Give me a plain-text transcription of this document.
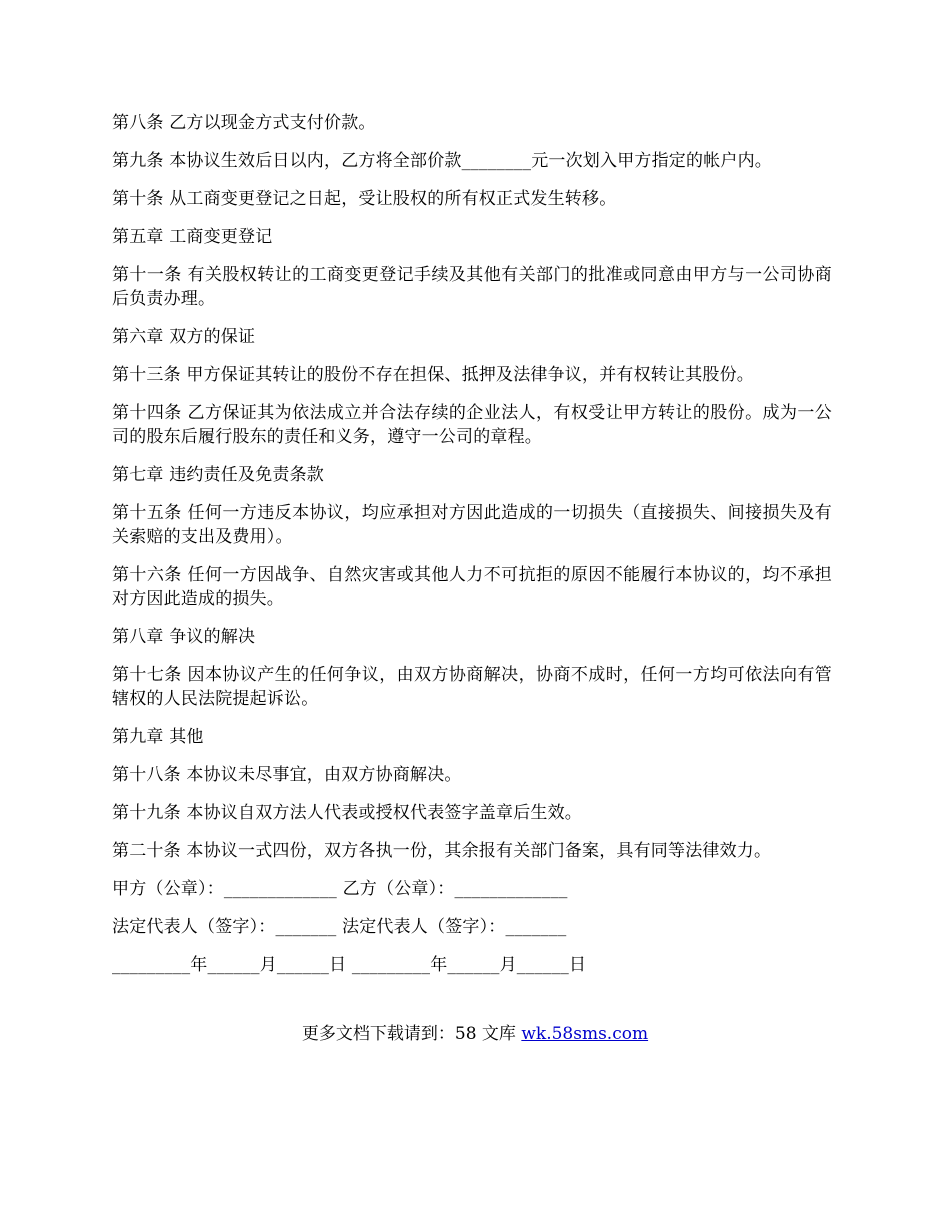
第八条 乙方以现金方式支付价款。

第九条 本协议生效后日以内，乙方将全部价款________元一次划入甲方指定的帐户内。

第十条 从工商变更登记之日起，受让股权的所有权正式发生转移。

第五章 工商变更登记

第十一条 有关股权转让的工商变更登记手续及其他有关部门的批准或同意由甲方与一公司协商后负责办理。

第六章 双方的保证

第十三条 甲方保证其转让的股份不存在担保、抵押及法律争议，并有权转让其股份。

第十四条 乙方保证其为依法成立并合法存续的企业法人，有权受让甲方转让的股份。成为一公司的股东后履行股东的责任和义务，遵守一公司的章程。

第七章 违约责任及免责条款

第十五条 任何一方违反本协议，均应承担对方因此造成的一切损失（直接损失、间接损失及有关索赔的支出及费用）。

第十六条 任何一方因战争、自然灾害或其他人力不可抗拒的原因不能履行本协议的，均不承担对方因此造成的损失。

第八章 争议的解决

第十七条 因本协议产生的任何争议，由双方协商解决，协商不成时，任何一方均可依法向有管辖权的人民法院提起诉讼。

第九章 其他

第十八条 本协议未尽事宜，由双方协商解决。

第十九条 本协议自双方法人代表或授权代表签字盖章后生效。

第二十条 本协议一式四份，双方各执一份，其余报有关部门备案，具有同等法律效力。

甲方（公章）：_____________ 乙方（公章）：_____________

法定代表人（签字）：_______ 法定代表人（签字）：_______

_________年______月______日 _________年______月______日

更多文档下载请到：58 文库 wk.58sms.com
